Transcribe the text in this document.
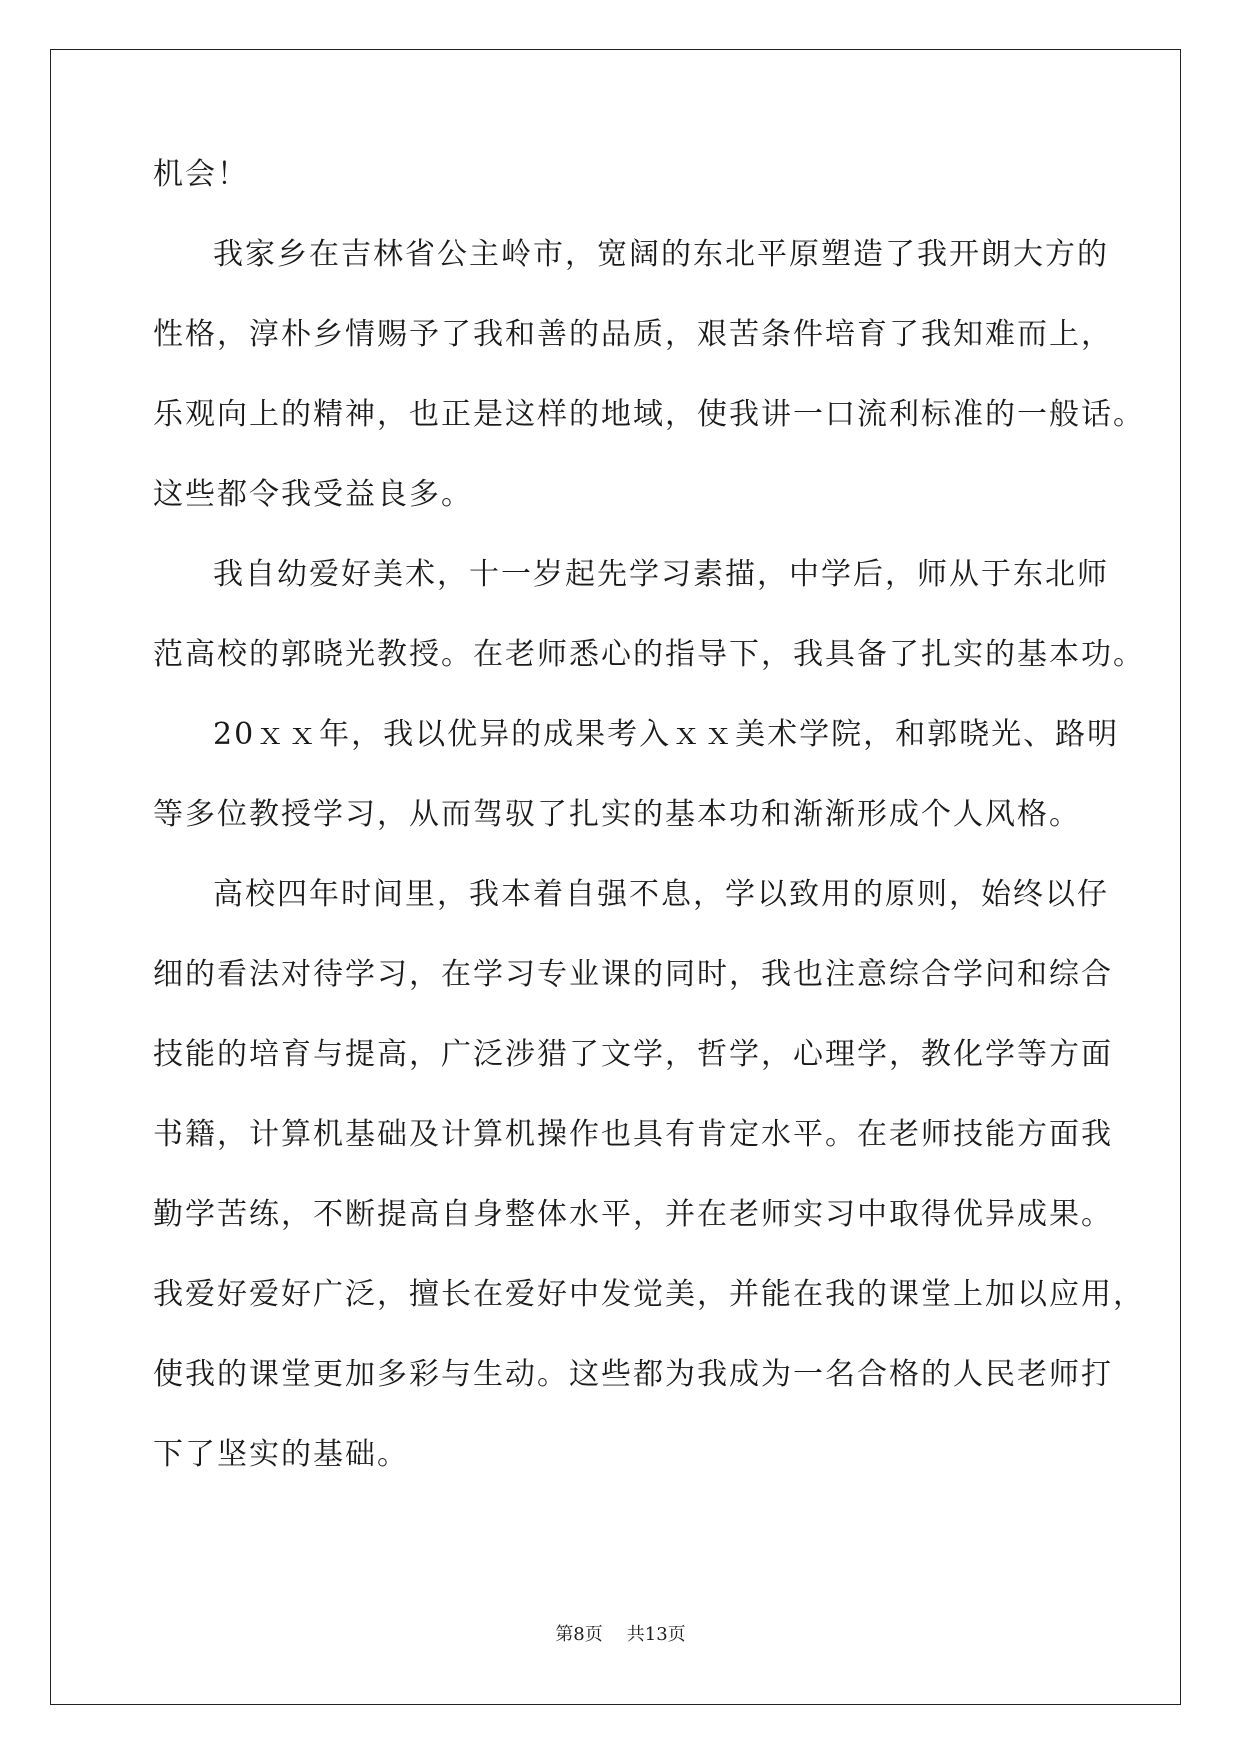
机会！
我家乡在吉林省公主岭市，宽阔的东北平原塑造了我开朗大方的
性格，淳朴乡情赐予了我和善的品质，艰苦条件培育了我知难而上，
乐观向上的精神，也正是这样的地域，使我讲一口流利标准的一般话。
这些都令我受益良多。
我自幼爱好美术，十一岁起先学习素描，中学后，师从于东北师
范高校的郭晓光教授。在老师悉心的指导下，我具备了扎实的基本功。
20ｘｘ年，我以优异的成果考入ｘｘ美术学院，和郭晓光、路明
等多位教授学习，从而驾驭了扎实的基本功和渐渐形成个人风格。
高校四年时间里，我本着自强不息，学以致用的原则，始终以仔
细的看法对待学习，在学习专业课的同时，我也注意综合学问和综合
技能的培育与提高，广泛涉猎了文学，哲学，心理学，教化学等方面
书籍，计算机基础及计算机操作也具有肯定水平。在老师技能方面我
勤学苦练，不断提高自身整体水平，并在老师实习中取得优异成果。
我爱好爱好广泛，擅长在爱好中发觉美，并能在我的课堂上加以应用，
使我的课堂更加多彩与生动。这些都为我成为一名合格的人民老师打
下了坚实的基础。
第8页 共13页
